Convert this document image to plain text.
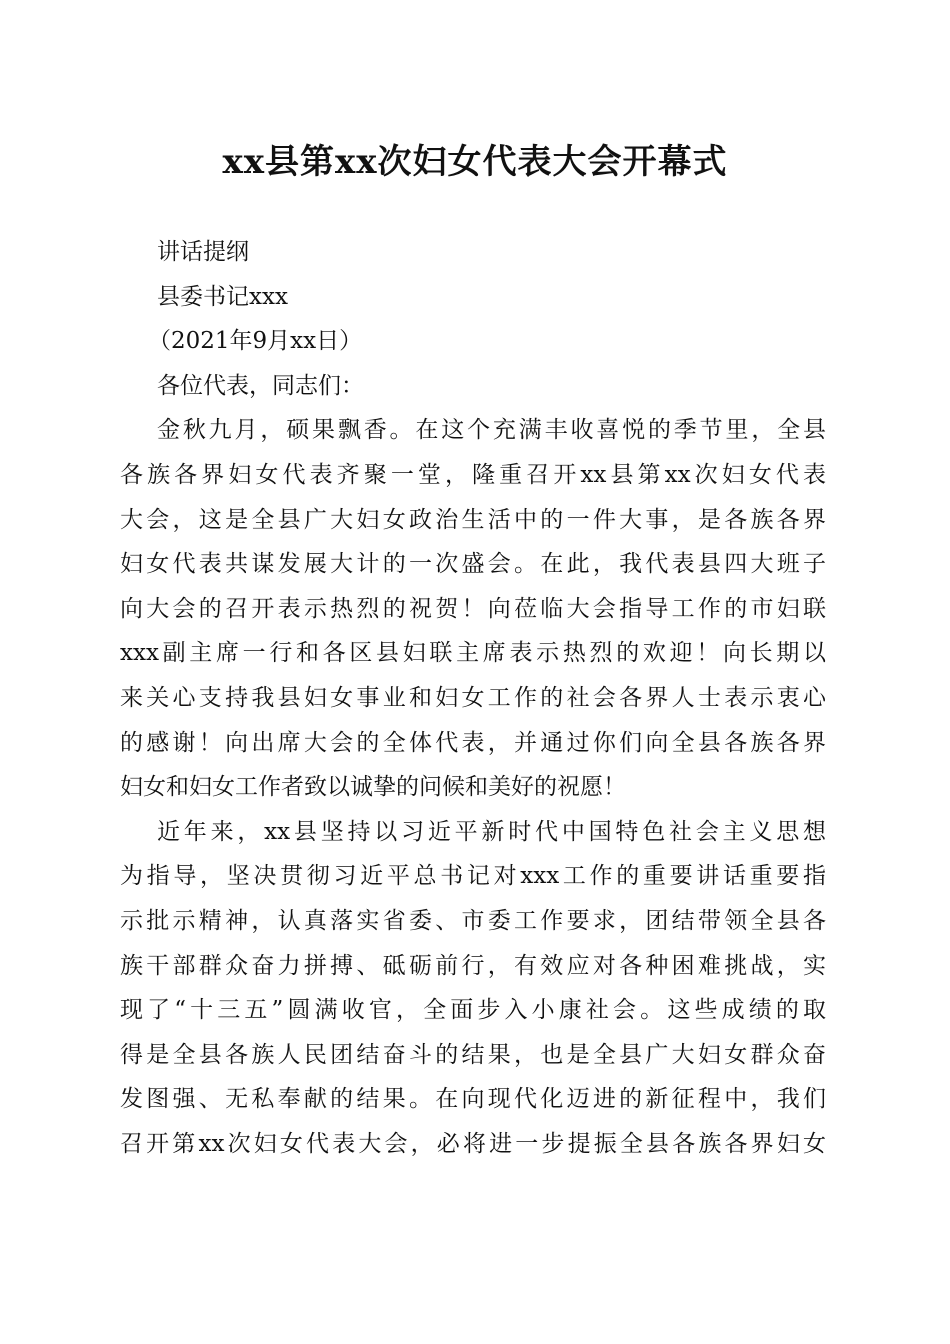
xx县第xx次妇女代表大会开幕式

讲话提纲

县委书记xxx

（2021年9月xx日）

各位代表，同志们：

金秋九月，硕果飘香。在这个充满丰收喜悦的季节里，全县

各族各界妇女代表齐聚一堂，隆重召开xx县第xx次妇女代表

大会，这是全县广大妇女政治生活中的一件大事，是各族各界

妇女代表共谋发展大计的一次盛会。在此，我代表县四大班子

向大会的召开表示热烈的祝贺！向莅临大会指导工作的市妇联

xxx副主席一行和各区县妇联主席表示热烈的欢迎！向长期以

来关心支持我县妇女事业和妇女工作的社会各界人士表示衷心

的感谢！向出席大会的全体代表，并通过你们向全县各族各界

妇女和妇女工作者致以诚挚的问候和美好的祝愿！

近年来，xx县坚持以习近平新时代中国特色社会主义思想

为指导，坚决贯彻习近平总书记对xxx工作的重要讲话重要指

示批示精神，认真落实省委、市委工作要求，团结带领全县各

族干部群众奋力拼搏、砥砺前行，有效应对各种困难挑战，实

现了“十三五”圆满收官，全面步入小康社会。这些成绩的取

得是全县各族人民团结奋斗的结果，也是全县广大妇女群众奋

发图强、无私奉献的结果。在向现代化迈进的新征程中，我们

召开第xx次妇女代表大会，必将进一步提振全县各族各界妇女
